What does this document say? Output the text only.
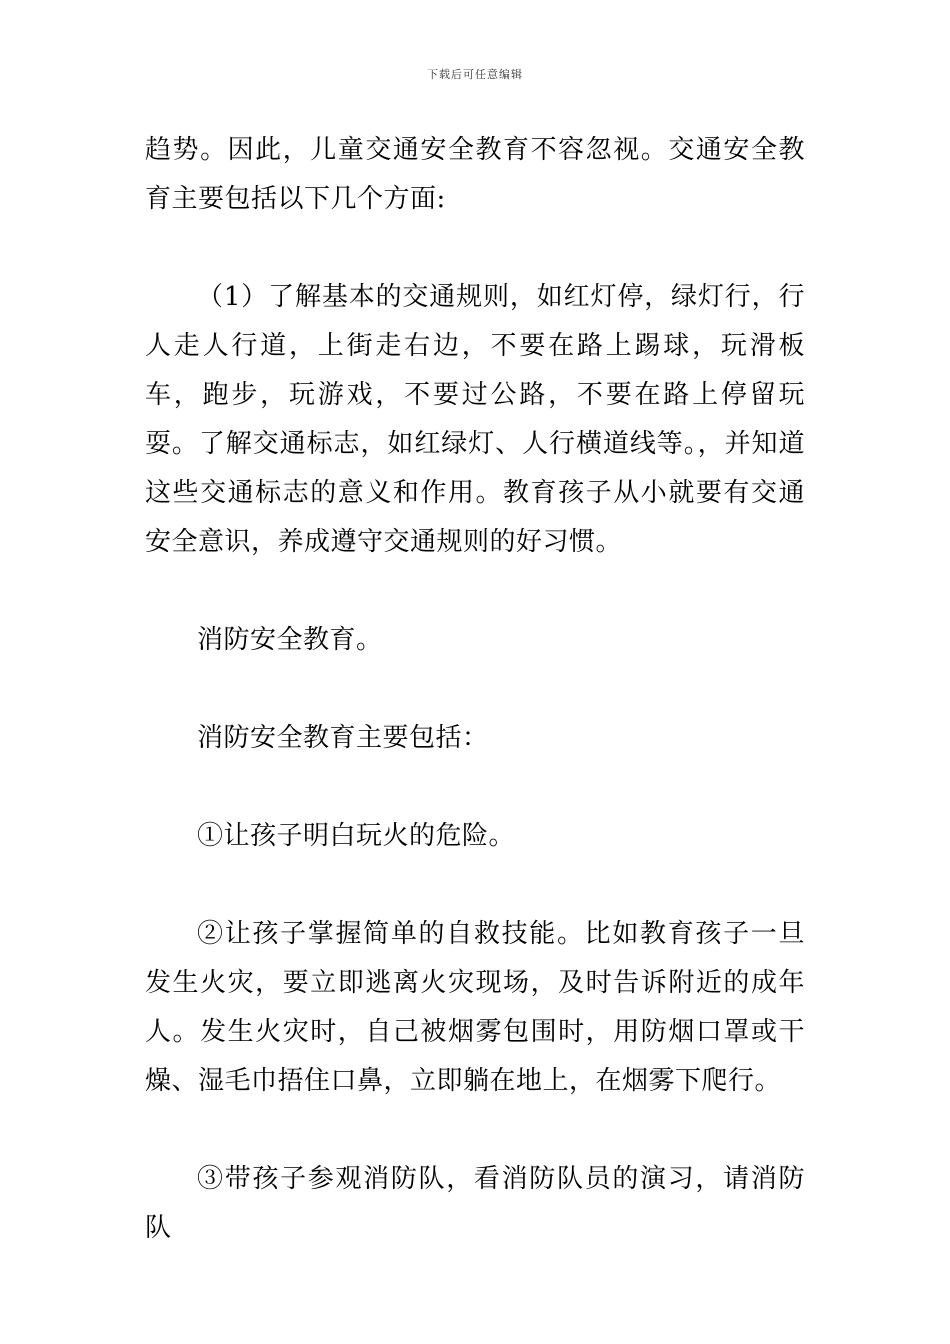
下载后可任意编辑

趋势。因此，儿童交通安全教育不容忽视。交通安全教育主要包括以下几个方面:

（1）了解基本的交通规则，如红灯停，绿灯行，行人走人行道，上街走右边，不要在路上踢球，玩滑板车，跑步，玩游戏，不要过公路，不要在路上停留玩耍。了解交通标志，如红绿灯、人行横道线等。，并知道这些交通标志的意义和作用。教育孩子从小就要有交通安全意识，养成遵守交通规则的好习惯。

消防安全教育。

消防安全教育主要包括：

①让孩子明白玩火的危险。

②让孩子掌握简单的自救技能。比如教育孩子一旦发生火灾，要立即逃离火灾现场，及时告诉附近的成年人。发生火灾时，自己被烟雾包围时，用防烟口罩或干燥、湿毛巾捂住口鼻，立即躺在地上，在烟雾下爬行。

③带孩子参观消防队，看消防队员的演习，请消防队
